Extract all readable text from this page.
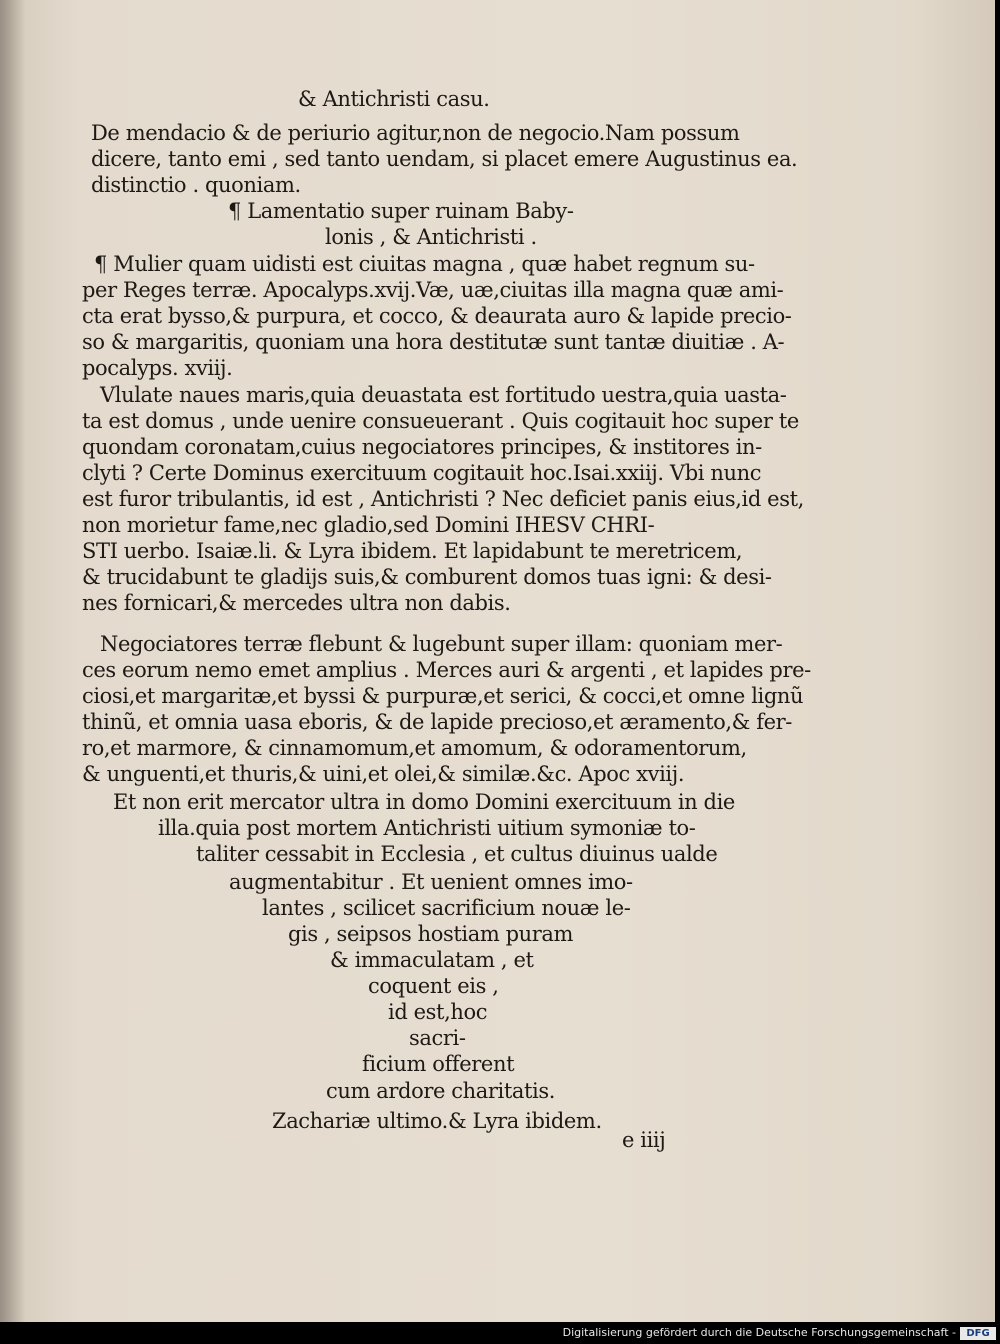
& Antichristi casu.
De mendacio & de periurio agitur,non de negocio.Nam possum
dicere, tanto emi , sed tanto uendam, si placet emere Augustinus ea.
distinctio . quoniam.
¶ Lamentatio super ruinam Baby-
lonis , & Antichristi .
¶ Mulier quam uidisti est ciuitas magna , quæ habet regnum su-
per Reges terræ. Apocalyps.xvij.Væ, uæ,ciuitas illa magna quæ ami-
cta erat bysso,& purpura, et cocco, & deaurata auro & lapide precio-
so & margaritis, quoniam una hora destitutæ sunt tantæ diuitiæ . A-
pocalyps. xviij.
Vlulate naues maris,quia deuastata est fortitudo uestra,quia uasta-
ta est domus , unde uenire consueuerant . Quis cogitauit hoc super te
quondam coronatam,cuius negociatores principes, & institores in-
clyti ? Certe Dominus exercituum cogitauit hoc.Isai.xxiij. Vbi nunc
est furor tribulantis, id est , Antichristi ? Nec deficiet panis eius,id est,
non morietur fame,nec gladio,sed Domini IHESV CHRI-
STI uerbo. Isaiæ.li. & Lyra ibidem. Et lapidabunt te meretricem,
& trucidabunt te gladijs suis,& comburent domos tuas igni: & desi-
nes fornicari,& mercedes ultra non dabis.
Negociatores terræ flebunt & lugebunt super illam: quoniam mer-
ces eorum nemo emet amplius . Merces auri & argenti , et lapides pre-
ciosi,et margaritæ,et byssi & purpuræ,et serici, & cocci,et omne lignũ
thinũ, et omnia uasa eboris, & de lapide precioso,et æramento,& fer-
ro,et marmore, & cinnamomum,et amomum, & odoramentorum,
& unguenti,et thuris,& uini,et olei,& similæ.&c. Apoc xviij.
Et non erit mercator ultra in domo Domini exercituum in die
illa.quia post mortem Antichristi uitium symoniæ to-
taliter cessabit in Ecclesia , et cultus diuinus ualde
augmentabitur . Et uenient omnes imo-
lantes , scilicet sacrificium nouæ le-
gis , seipsos hostiam puram
& immaculatam , et
coquent eis ,
id est,hoc
sacri-
ficium offerent
cum ardore charitatis.
Zachariæ ultimo.& Lyra ibidem.
e iiij
Digitalisierung gefördert durch die Deutsche Forschungsgemeinschaft -	DFG
